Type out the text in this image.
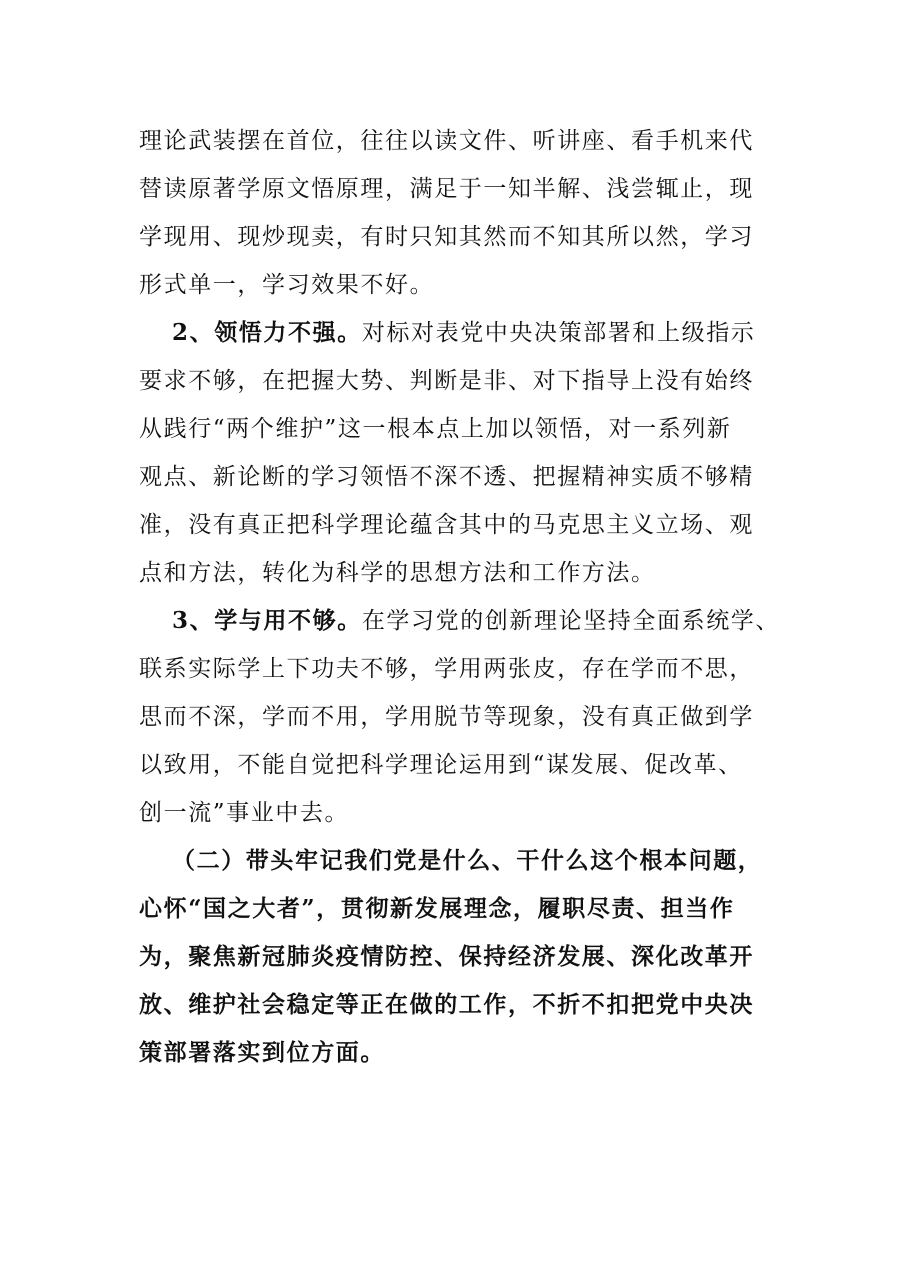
理论武装摆在首位，往往以读文件、听讲座、看手机来代
替读原著学原文悟原理，满足于一知半解、浅尝辄止，现
学现用、现炒现卖，有时只知其然而不知其所以然，学习
形式单一，学习效果不好。
2、领悟力不强。对标对表党中央决策部署和上级指示
要求不够，在把握大势、判断是非、对下指导上没有始终
从践行“两个维护”这一根本点上加以领悟，对一系列新
观点、新论断的学习领悟不深不透、把握精神实质不够精
准，没有真正把科学理论蕴含其中的马克思主义立场、观
点和方法，转化为科学的思想方法和工作方法。
3、学与用不够。在学习党的创新理论坚持全面系统学、
联系实际学上下功夫不够，学用两张皮，存在学而不思，
思而不深，学而不用，学用脱节等现象，没有真正做到学
以致用，不能自觉把科学理论运用到“谋发展、促改革、
创一流”事业中去。
（二）带头牢记我们党是什么、干什么这个根本问题，
心怀“国之大者”，贯彻新发展理念，履职尽责、担当作
为，聚焦新冠肺炎疫情防控、保持经济发展、深化改革开
放、维护社会稳定等正在做的工作，不折不扣把党中央决
策部署落实到位方面。
